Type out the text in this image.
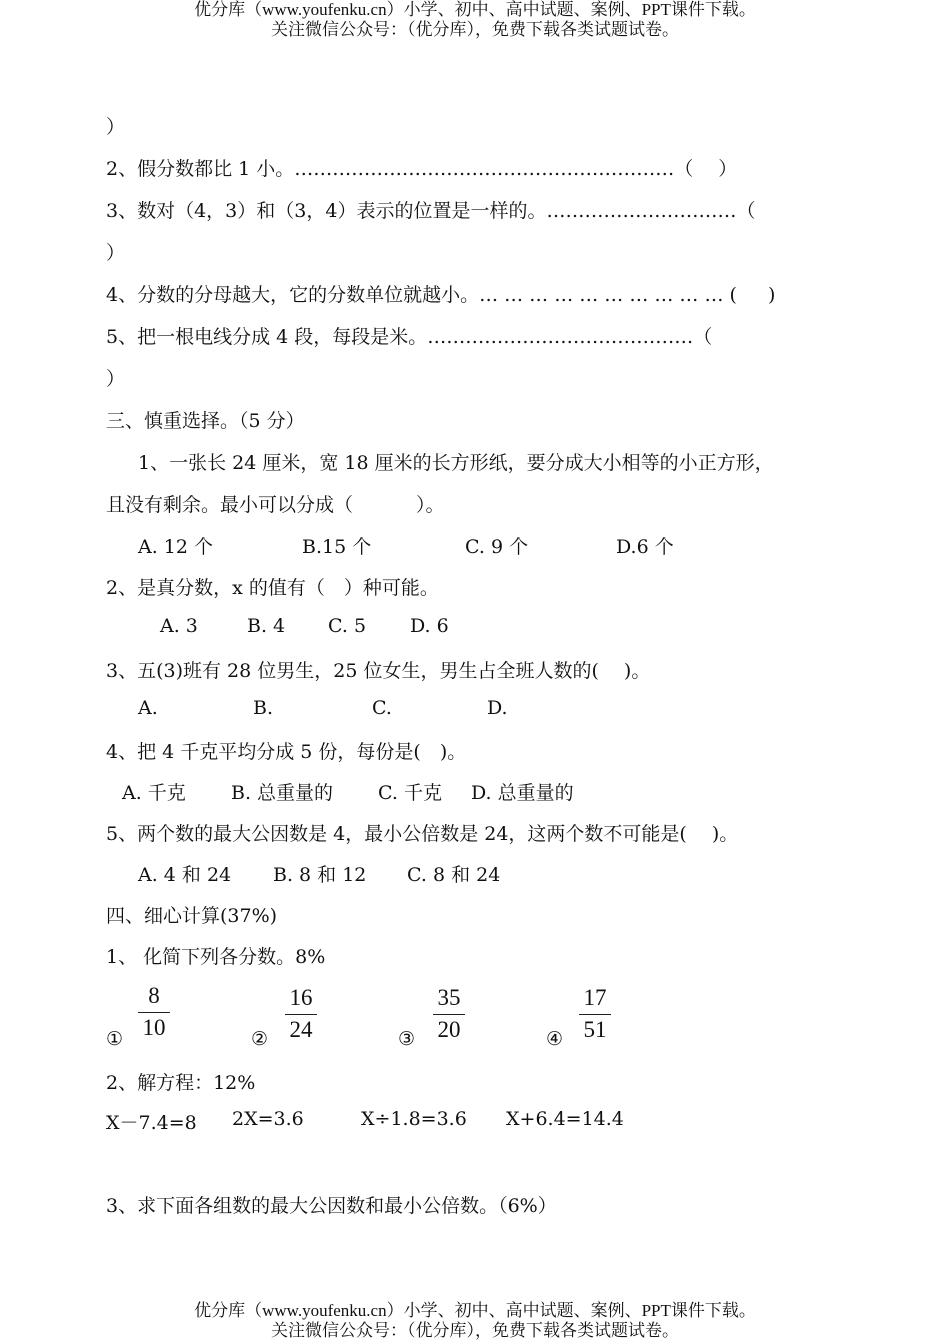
优分库（www.youfenku.cn）小学、初中、高中试题、案例、PPT课件下载。
关注微信公众号：（优分库），免费下载各类试题试卷。
）
2、假分数都比 1 小。……………………………………………………（　 ）
3、数对（4，3）和（3，4）表示的位置是一样的。…………………………（
）
4、分数的分母越大，它的分数单位就越小。… … … … … … … … … … ( 　 )
5、把一根电线分成 4 段，每段是米。……………………………………（
）
三、慎重选择。（5 分）
1、一张长 24 厘米，宽 18 厘米的长方形纸，要分成大小相等的小正方形，
且没有剩余。最小可以分成（　　　 ）。
A. 12 个	B.15 个	C. 9 个	D.6 个
2、是真分数，x 的值有（　）种可能。
A. 3	B. 4 C. 5 D. 6
3、五(3)班有 28 位男生，25 位女生，男生占全班人数的(　 )。
A.	B.	C.	D.
4、把 4 千克平均分成 5 份，每份是(　)。
A. 千克 B. 总重量的 C. 千克 D. 总重量的
5、两个数的最大公因数是 4，最小公倍数是 24，这两个数不可能是(　 )。
A. 4 和 24 B. 8 和 12 C. 8 和 24
四、细心计算(37%)
1、 化简下列各分数。8%
①
8
10	②
16
24	③
35
20	④
17
51
2、解方程：12%
X－7.4=8 2X=3.6	X÷1.8=3.6 X+6.4=14.4
3、求下面各组数的最大公因数和最小公倍数。（6%）
优分库（www.youfenku.cn）小学、初中、高中试题、案例、PPT课件下载。
关注微信公众号：（优分库），免费下载各类试题试卷。
